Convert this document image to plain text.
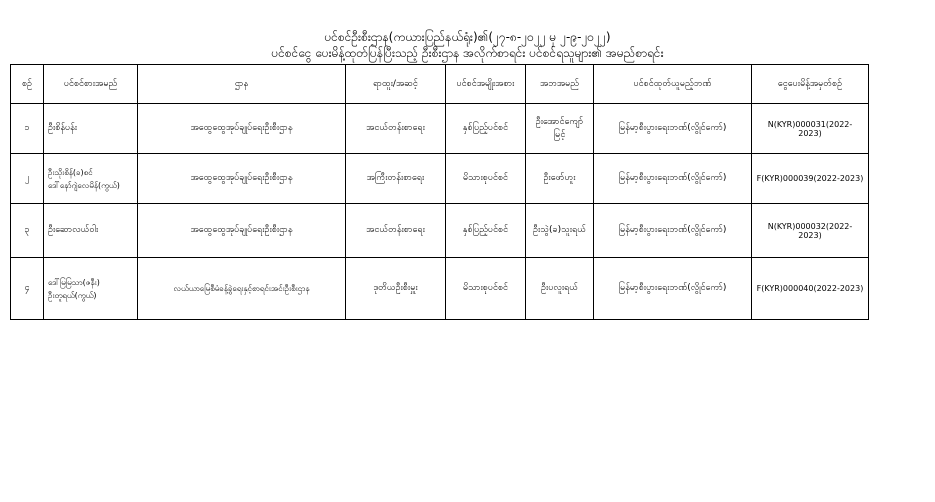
ပင်စင်ဦးစီးဌာန(ကယားပြည်နယ်ရုံး)၏(၂၇-၈-၂၀၂၂ မှ ၂-၉-၂၀၂၂)
ပင်စင်ငွေ ပေးမိန့်ထုတ်ပြန်ပြီးသည့် ဦးစီးဌာန အလိုက်စာရင်း ပင်စင်ရသူများ၏ အမည်စာရင်း
စဉ်	ပင်စင်စားအမည်	ဌာန	ရာထူး/အဆင့်	ပင်စင်အမျိုးအစား	အဘအမည်	ပင်စင်ထုတ်ယူမည့်ဘဏ်	ငွေပေးမိန့်အမှတ်စဉ်
၁	ဦးစိန်ပန်း	အထွေထွေအုပ်ချုပ်ရေးဦးစီးဌာန	အငယ်တန်းစာရေး	နှစ်ပြည့်ပင်စင်	ဦးအောင်ကျော်မြင့်	မြန်မာ့စီးပွားရေးဘဏ်(လွိုင်ကော်)	N(KYR)000031(2022-2023)
၂	ဦးသိုးစိန်(ခ)စင်
ဒေါ်နော်ဂျဲလေမိန်(ကွယ်)	အထွေထွေအုပ်ချုပ်ရေးဦးစီးဌာန	အကြီးတန်းစာရေး	မိသားစုပင်စင်	ဦးဖော်ဟူး	မြန်မာ့စီးပွားရေးဘဏ်(လွိုင်ကော်)	F(KYR)000039(2022-2023)
၃	ဦးဆောလယ်ဝါး	အထွေထွေအုပ်ချုပ်ရေးဦးစီးဌာန	အငယ်တန်းစာရေး	နှစ်ပြည့်ပင်စင်	ဦးသွဲ(ခ)သူးရယ်	မြန်မာ့စီးပွားရေးဘဏ်(လွိုင်ကော်)	N(KYR)000032(2022-2023)
၄	ဒေါ်မြမြသာ(ဇနီး)
ဦးတူရယ်(ကွယ်)	လယ်ယာမြေစီမံခန့်ခွဲရေးနှင့်စာရင်းအင်းဦးစီးဌာန	ဒုတိယဦးစီးမှူး	မိသားစုပင်စင်	ဦးပလူးရယ်	မြန်မာ့စီးပွားရေးဘဏ်(လွိုင်ကော်)	F(KYR)000040(2022-2023)
